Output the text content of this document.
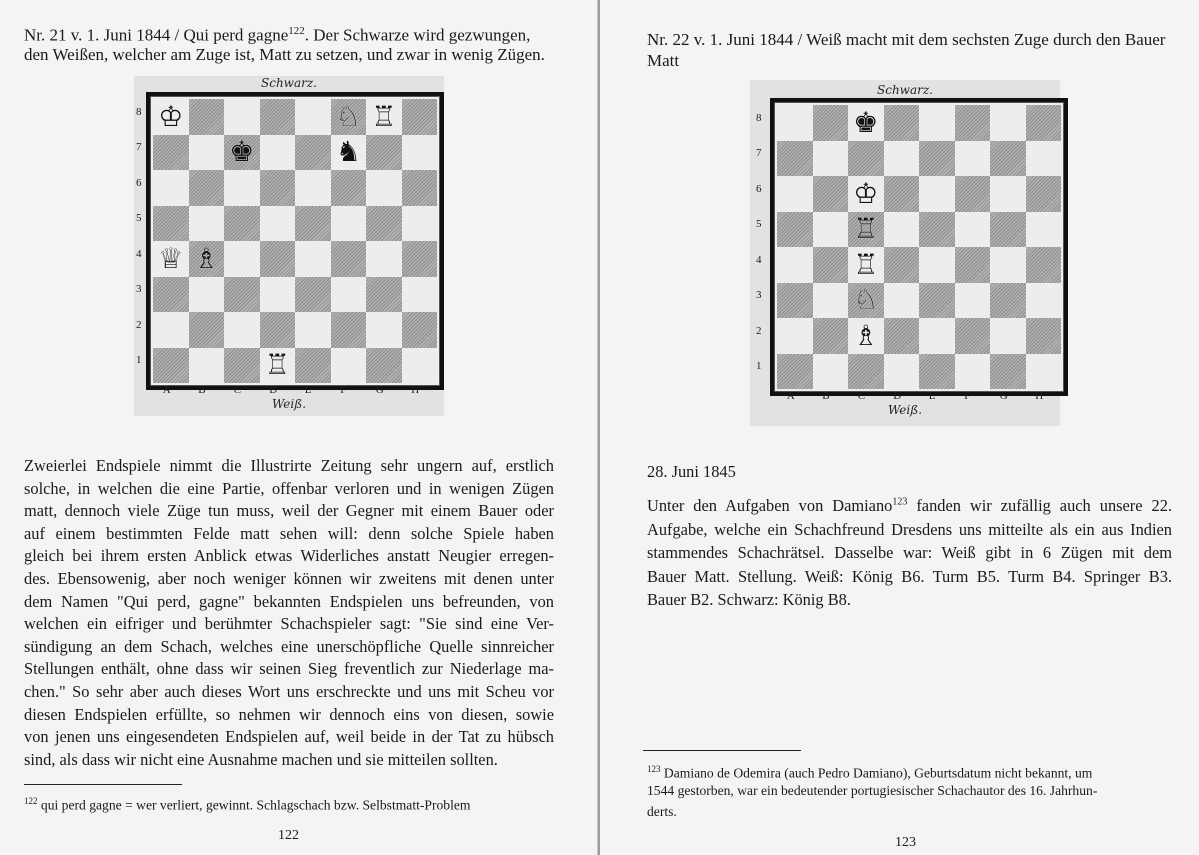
Nr. 21 v. 1. Juni 1844 / Qui perd gagne$^{122}$. Der Schwarze wird gezwungen,

den Weißen, welcher am Zuge ist, Matt zu setzen, und zwar in wenig Zügen.

Schwarz.
♔	♘ ♖
♚	♞
♕ ♗
♖
8
7
6
5
4
3
2
1
A	B	C	D	E	F	G	H
Weiß.

Zweierlei Endspiele nimmt die Illustrirte Zeitung sehr ungern auf, erstlich

solche, in welchen die eine Partie, offenbar verloren und in wenigen Zügen

matt, dennoch viele Züge tun muss, weil der Gegner mit einem Bauer oder

auf einem bestimmten Felde matt sehen will: denn solche Spiele haben

gleich bei ihrem ersten Anblick etwas Widerliches anstatt Neugier erregen-

des. Ebensowenig, aber noch weniger können wir zweitens mit denen unter

dem Namen "Qui perd, gagne" bekannten Endspielen uns befreunden, von

welchen ein eifriger und berühmter Schachspieler sagt: "Sie sind eine Ver-

sündigung an dem Schach, welches eine unerschöpfliche Quelle sinnreicher

Stellungen enthält, ohne dass wir seinen Sieg freventlich zur Niederlage ma-

chen." So sehr aber auch dieses Wort uns erschreckte und uns mit Scheu vor

diesen Endspielen erfüllte, so nehmen wir dennoch eins von diesen, sowie

von jenen uns eingesendeten Endspielen auf, weil beide in der Tat zu hübsch

sind, als dass wir nicht eine Ausnahme machen und sie mitteilen sollten.

$^{122}$ qui perd gagne = wer verliert, gewinnt. Schlagschach bzw. Selbstmatt-Problem

122

Nr. 22 v. 1. Juni 1844 / Weiß macht mit dem sechsten Zuge durch den Bauer

Matt

Schwarz.
♚
♔
♖
♖
♘
♗
8
7
6
5
4
3
2
1
A	B	C	D	E	F	G	H
Weiß.

28. Juni 1845

Unter den Aufgaben von Damiano$^{123}$ fanden wir zufällig auch unsere 22.

Aufgabe, welche ein Schachfreund Dresdens uns mitteilte als ein aus Indien

stammendes Schachrätsel. Dasselbe war: Weiß gibt in 6 Zügen mit dem

Bauer Matt. Stellung. Weiß: König B6. Turm B5. Turm B4. Springer B3.

Bauer B2. Schwarz: König B8.

$^{123}$ Damiano de Odemira (auch Pedro Damiano), Geburtsdatum nicht bekannt, um

1544 gestorben, war ein bedeutender portugiesischer Schachautor des 16. Jahrhun-

derts.

123
